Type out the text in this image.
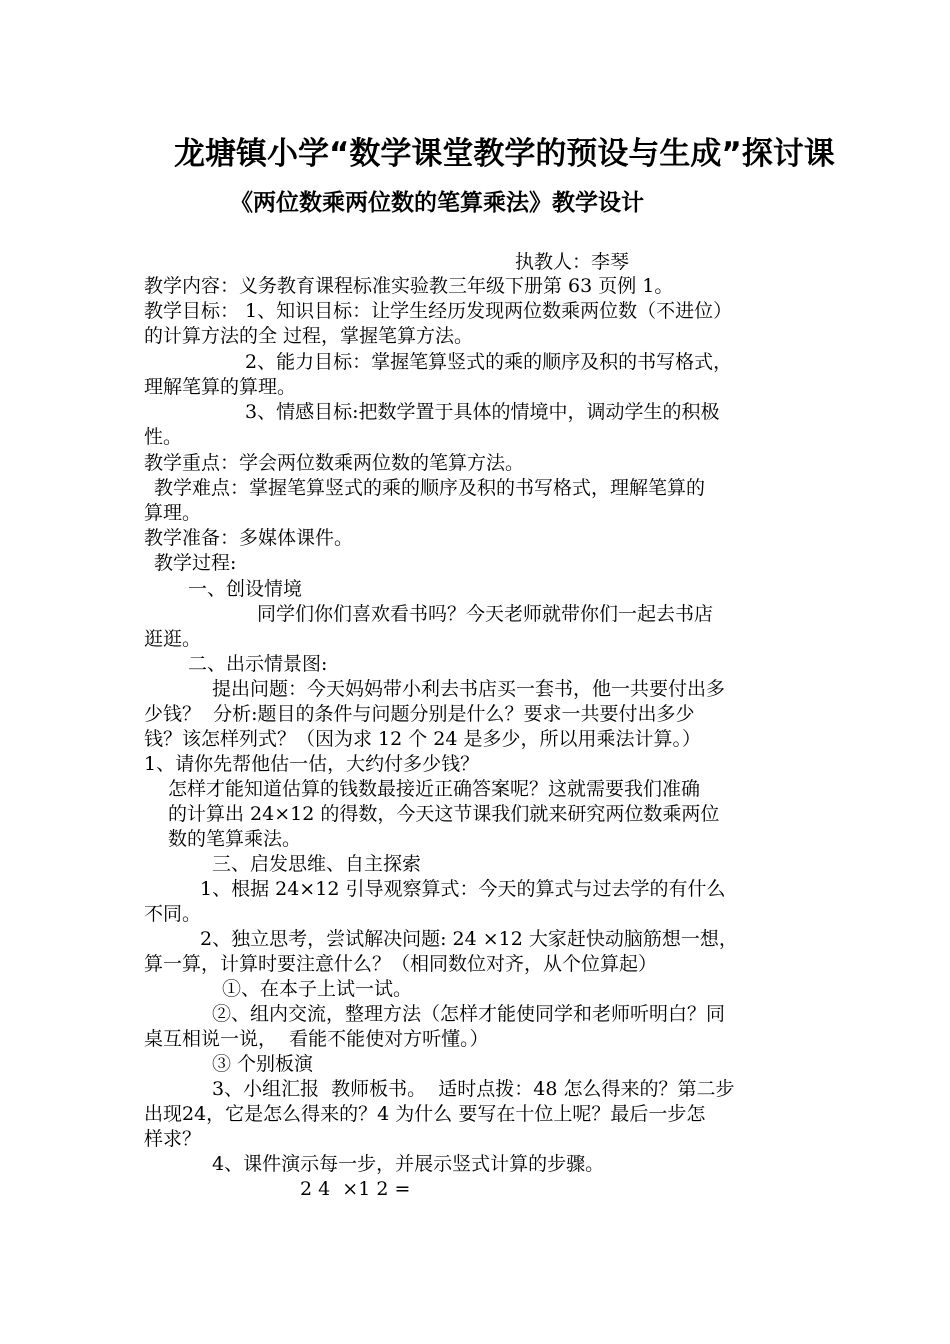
龙塘镇小学“数学课堂教学的预设与生成”探讨课
《两位数乘两位数的笔算乘法》教学设计

执教人：李琴

教学内容：义务教育课程标准实验教三年级下册第 63 页例 1。

教学目标： 1、知识目标：让学生经历发现两位数乘两位数（不进位）

的计算方法的全 过程，掌握笔算方法。

2、能力目标：掌握笔算竖式的乘的顺序及积的书写格式，

理解笔算的算理。

3、情感目标:把数学置于具体的情境中，调动学生的积极

性。

教学重点：学会两位数乘两位数的笔算方法。

教学难点：掌握笔算竖式的乘的顺序及积的书写格式，理解笔算的

算理。

教学准备：多媒体课件。

教学过程:

一、创设情境

同学们你们喜欢看书吗？今天老师就带你们一起去书店

逛逛。

二、出示情景图:

提出问题：今天妈妈带小利去书店买一套书，他一共要付出多

少钱？  分析:题目的条件与问题分别是什么？要求一共要付出多少

钱？该怎样列式？（因为求 12 个 24 是多少，所以用乘法计算。）

1、请你先帮他估一估，大约付多少钱？

怎样才能知道估算的钱数最接近正确答案呢？这就需要我们准确

的计算出 24×12 的得数，今天这节课我们就来研究两位数乘两位

数的笔算乘法。

三、启发思维、自主探索

1、根据 24×12 引导观察算式：今天的算式与过去学的有什么

不同。

2、独立思考，尝试解决问题: 24 ×12 大家赶快动脑筋想一想，

算一算，计算时要注意什么？（相同数位对齐，从个位算起）

①、在本子上试一试。

②、组内交流，整理方法（怎样才能使同学和老师听明白？同

桌互相说一说，  看能不能使对方听懂。）

③ 个别板演

3、小组汇报  教师板书。  适时点拨：48 怎么得来的？第二步

出现24，它是怎么得来的？4 为什么 要写在十位上呢？最后一步怎

样求？

4、课件演示每一步，并展示竖式计算的步骤。

2 4  ×1 2 =
